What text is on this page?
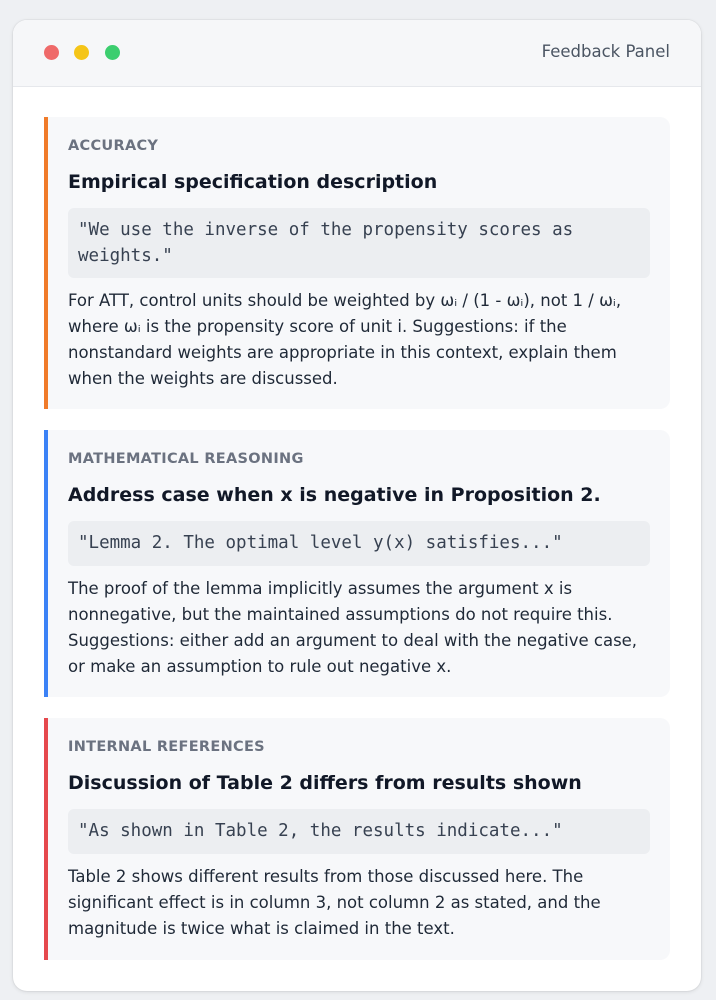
Feedback Panel
ACCURACY
Empirical specification description
"We use the inverse of the propensity scores as weights."
For ATT, control units should be weighted by ωᵢ / (1 - ωᵢ), not 1 / ωᵢ, where ωᵢ is the propensity score of unit i. Suggestions: if the nonstandard weights are appropriate in this context, explain them when the weights are discussed.
MATHEMATICAL REASONING
Address case when x is negative in Proposition 2.
"Lemma 2. The optimal level y(x) satisfies..."
The proof of the lemma implicitly assumes the argument x is nonnegative, but the maintained assumptions do not require this. Suggestions: either add an argument to deal with the negative case, or make an assumption to rule out negative x.
INTERNAL REFERENCES
Discussion of Table 2 differs from results shown
"As shown in Table 2, the results indicate..."
Table 2 shows different results from those discussed here. The significant effect is in column 3, not column 2 as stated, and the magnitude is twice what is claimed in the text.
